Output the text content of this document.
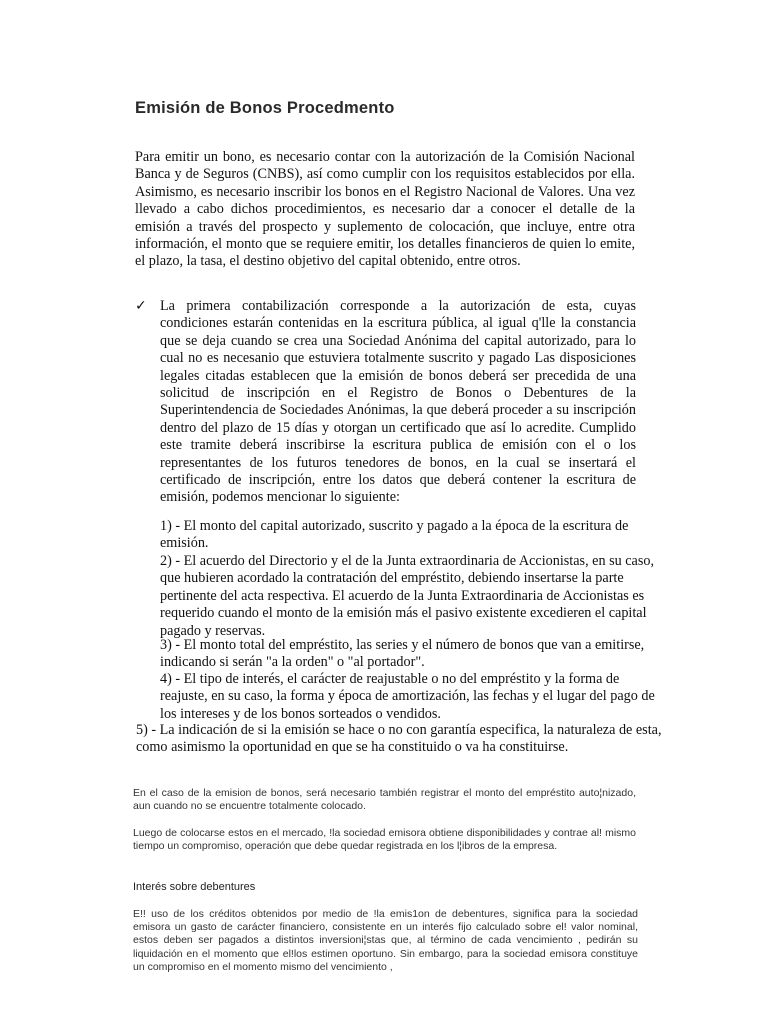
Emisión de Bonos Procedmento
Para emitir un bono, es necesario contar con la autorización de la Comisión Nacional Banca y de Seguros (CNBS), así como cumplir con los requisitos establecidos por ella. Asimismo, es necesario inscribir los bonos en el Registro Nacional de Valores. Una vez llevado a cabo dichos procedimientos, es necesario dar a conocer el detalle de la emisión a través del prospecto y suplemento de colocación, que incluye, entre otra información, el monto que se requiere emitir, los detalles financieros de quien lo emite, el plazo, la tasa, el destino objetivo del capital obtenido, entre otros.
✓ La primera contabilización corresponde a la autorización de esta, cuyas condiciones estarán contenidas en la escritura pública, al igual q'lle la constancia que se deja cuando se crea una Sociedad Anónima del capital autorizado, para lo cual no es necesanio que estuviera totalmente suscrito y pagado Las disposiciones legales citadas establecen que la emisión de bonos deberá ser precedida de una solicitud de inscripción en el Registro de Bonos o Debentures de la Superintendencia de Sociedades Anónimas, la que deberá proceder a su inscripción dentro del plazo de 15 días y otorgan un certificado que así lo acredite. Cumplido este tramite deberá inscribirse la escritura publica de emisión con el o los representantes de los futuros tenedores de bonos, en la cual se insertará el certificado de inscripción, entre los datos que deberá contener la escritura de emisión, podemos mencionar lo siguiente:
1) - El monto del capital autorizado, suscrito y pagado a la época de la escritura de
emisión.
2) - El acuerdo del Directorio y el de la Junta extraordinaria de Accionistas, en su caso,
que hubieren acordado la contratación del empréstito, debiendo insertarse la parte
pertinente del acta respectiva. El acuerdo de la Junta Extraordinaria de Accionistas es
requerido cuando el monto de la emisión más el pasivo existente excedieren el capital
pagado y reservas.
3) - El monto total del empréstito, las series y el número de bonos que van a emitirse,
indicando si serán "a la orden" o "al portador".
4) - El tipo de interés, el carácter de reajustable o no del empréstito y la forma de
reajuste, en su caso, la forma y época de amortización, las fechas y el lugar del pago de
los intereses y de los bonos sorteados o vendidos.
5) - La indicación de si la emisión se hace o no con garantía especifica, la naturaleza de esta,
como asimismo la oportunidad en que se ha constituido o va ha constituirse.
En el caso de la emision de bonos, será necesario también registrar el monto del empréstito auto¦nizado, aun cuando no se encuentre totalmente colocado.
Luego de colocarse estos en el mercado, !la sociedad emisora obtiene disponibilidades y contrae al! mismo tiempo un compromiso, operación que debe quedar registrada en los l¦ibros de la empresa.
Interés sobre debentures
E!! uso de los créditos obtenidos por medio de !la emis1on de debentures, significa para la sociedad emisora un gasto de carácter financiero, consistente en un interés fijo calculado sobre el! valor nominal, estos deben ser pagados a distintos inversioni¦stas que, al término de cada vencimiento , pedirán su liquidación en el momento que el!los estimen oportuno. Sin embargo, para la sociedad emisora constituye un compromiso en el momento mismo del vencimiento ,
